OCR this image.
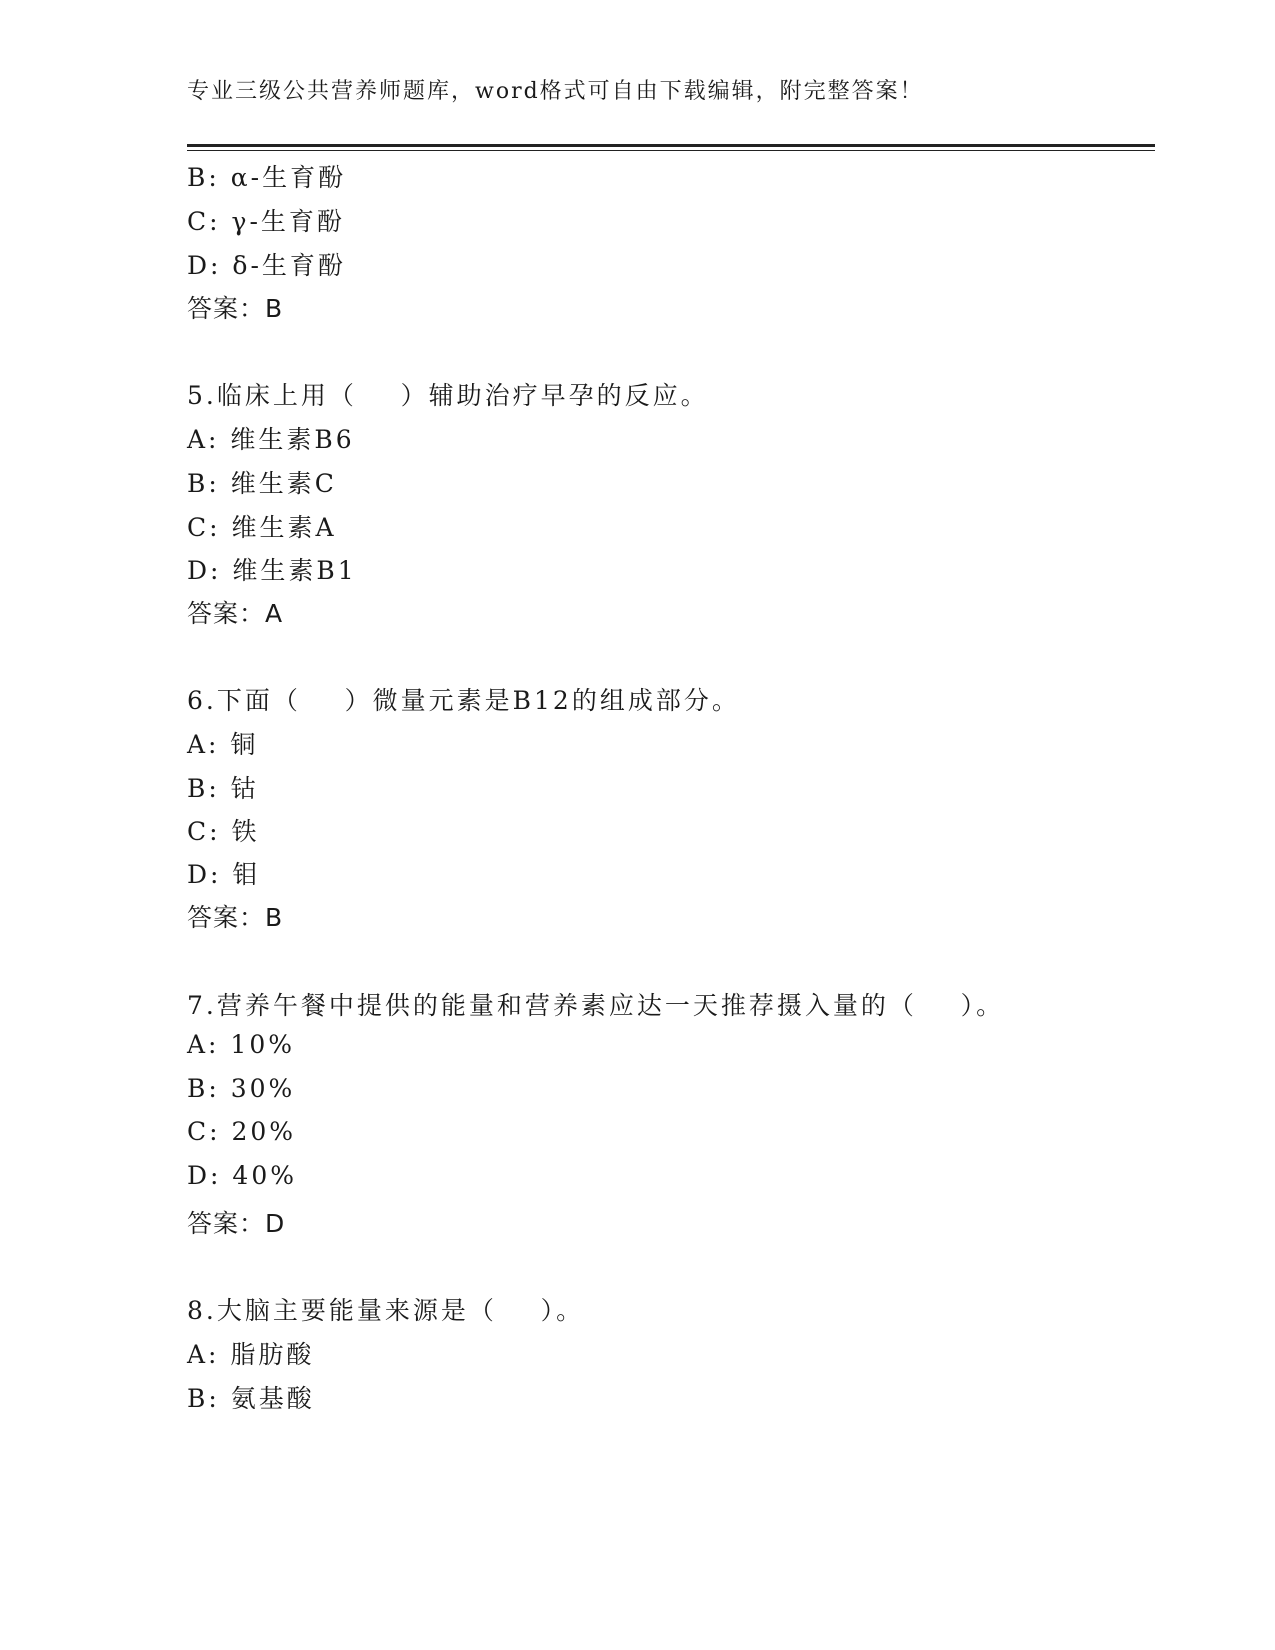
专业三级公共营养师题库，word格式可自由下载编辑，附完整答案！
B: α-生育酚
C: γ-生育酚
D: δ-生育酚
答案：B
5.临床上用（    ）辅助治疗早孕的反应。
A: 维生素B6
B: 维生素C
C: 维生素A
D: 维生素B1
答案：A
6.下面（    ）微量元素是B12的组成部分。
A: 铜
B: 钴
C: 铁
D: 钼
答案：B
7.营养午餐中提供的能量和营养素应达一天推荐摄入量的（    ）。
A: 10%
B: 30%
C: 20%
D: 40%
答案：D
8.大脑主要能量来源是（    ）。
A: 脂肪酸
B: 氨基酸
